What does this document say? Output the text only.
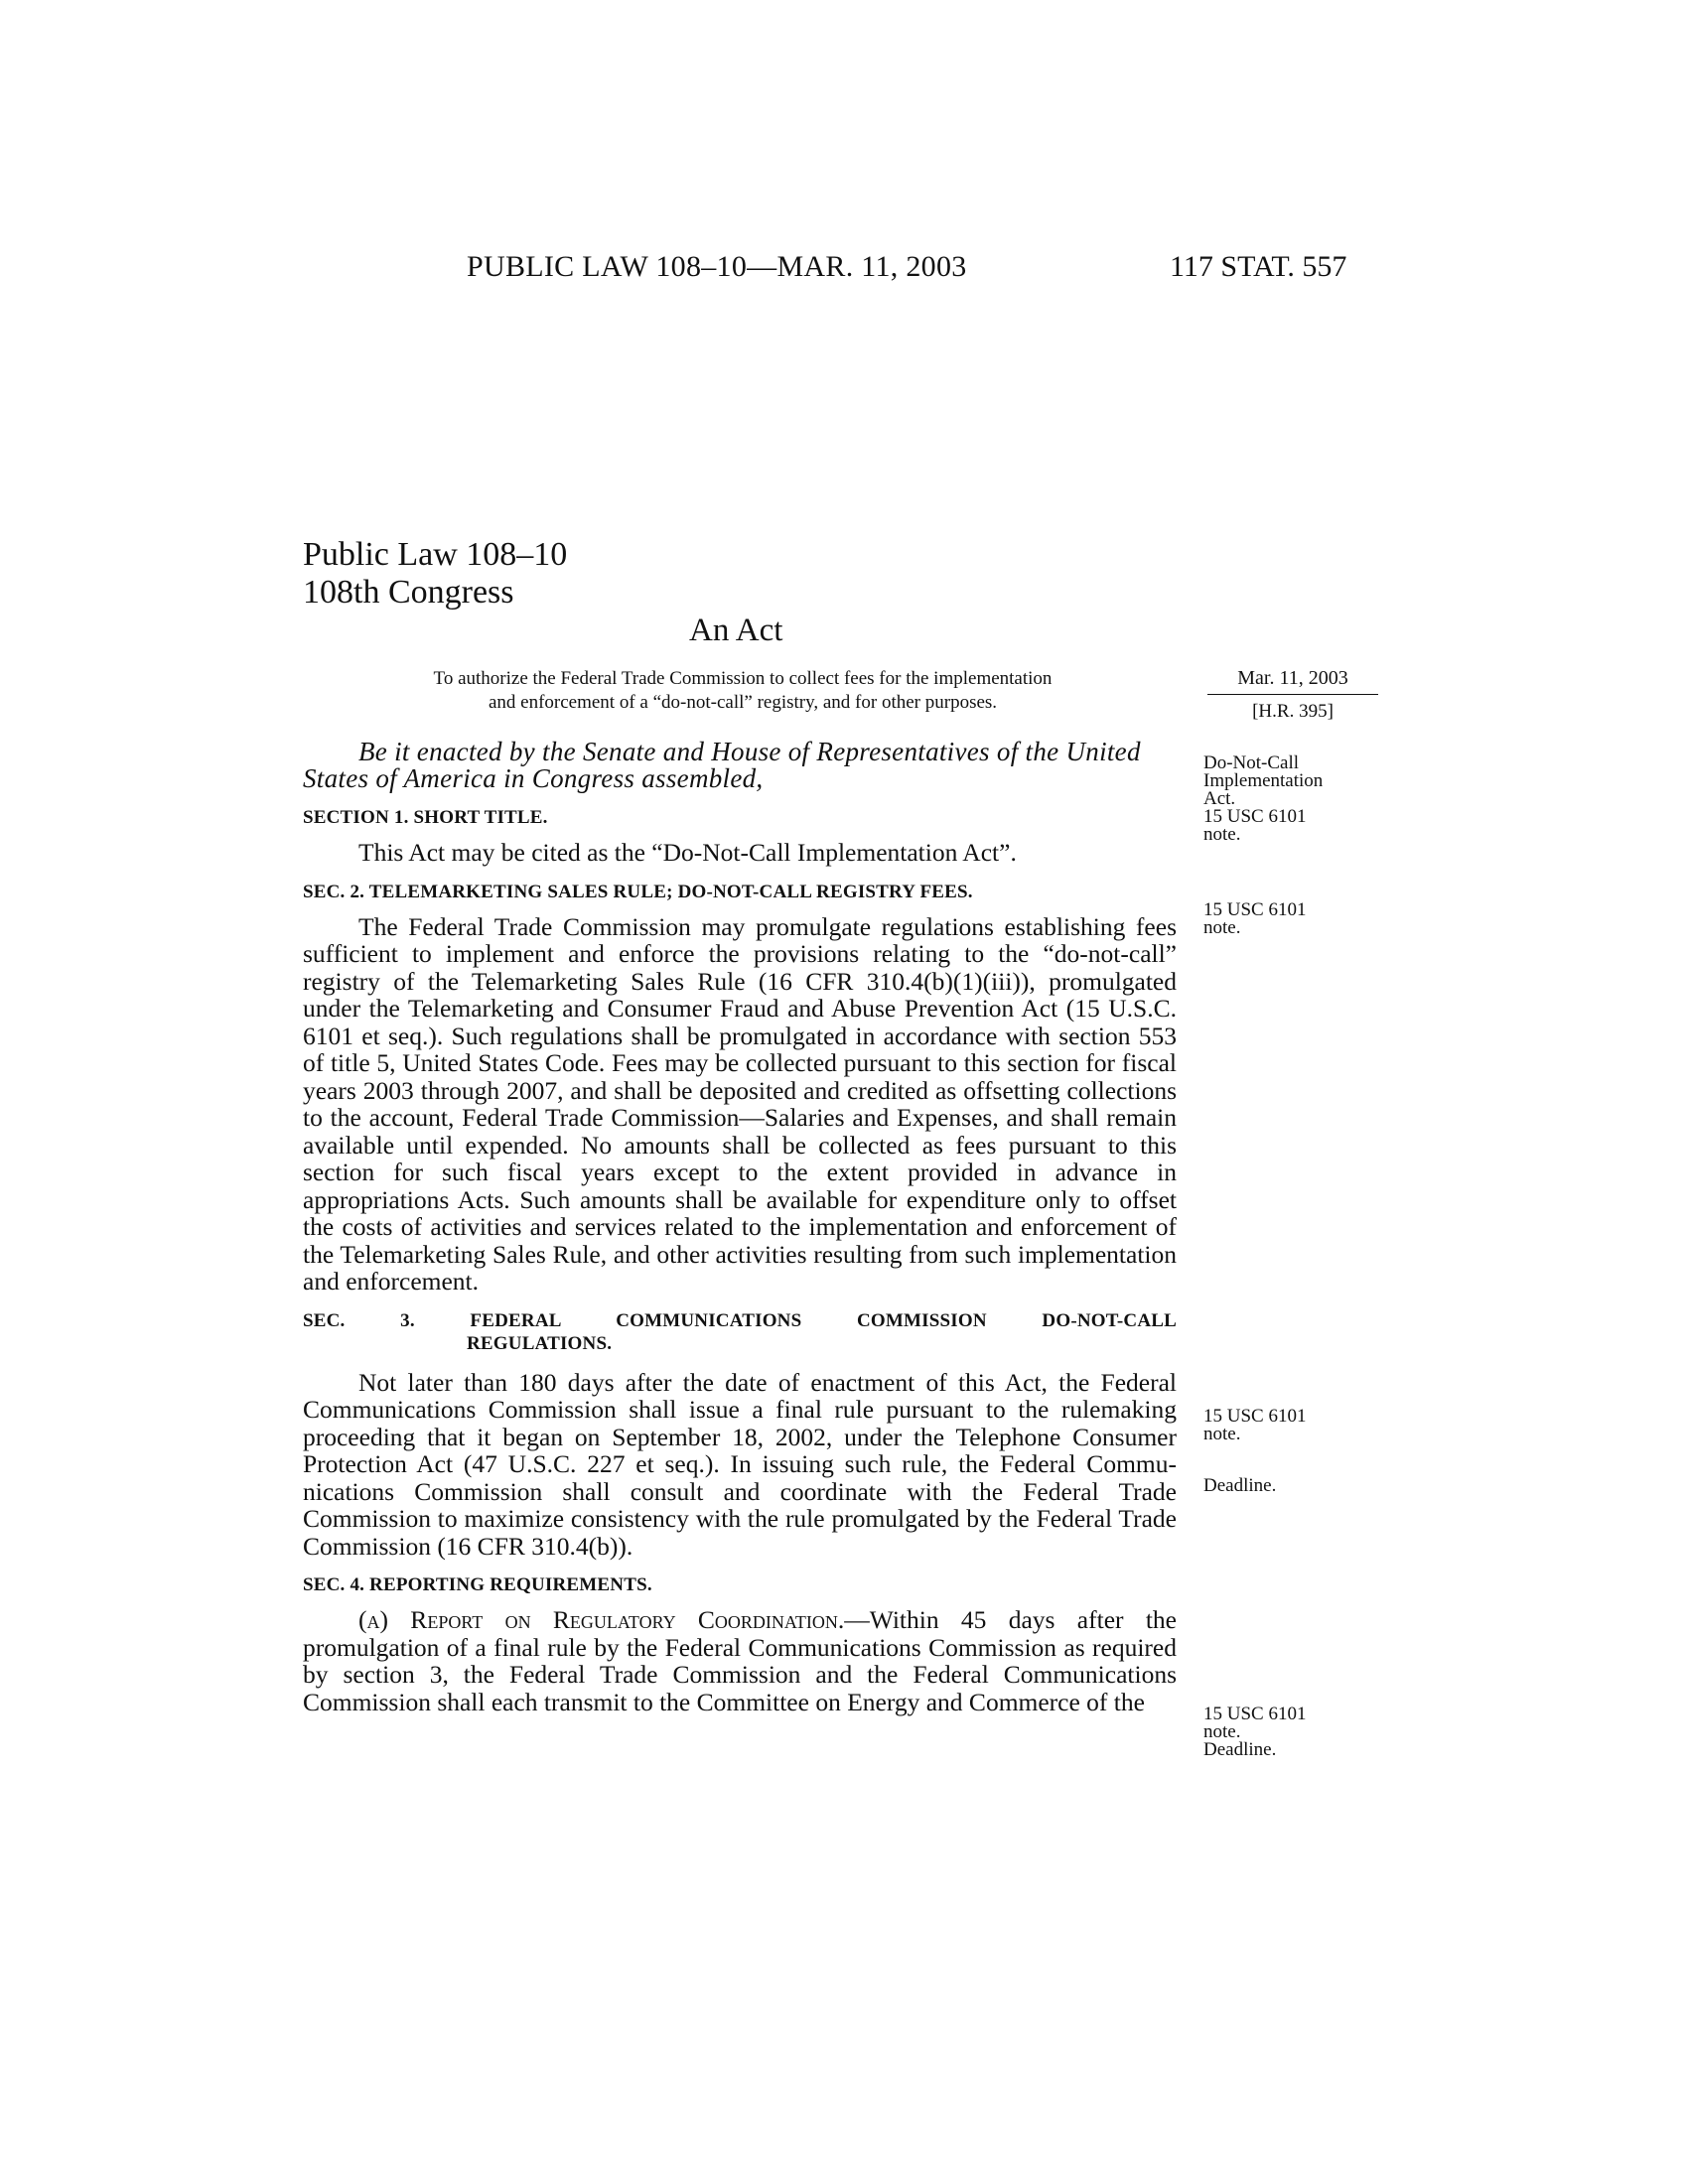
PUBLIC LAW 108–10—MAR. 11, 2003	117 STAT. 557
Public Law 108–10
108th Congress
An Act
To authorize the Federal Trade Commission to collect fees for the implementation
and enforcement of a “do-not-call” registry, and for other purposes.
Mar. 11, 2003
[H.R. 395]

Be it enacted by the Senate and House of Representatives of the United States of America in Congress assembled,

SECTION 1. SHORT TITLE.

This Act may be cited as the “Do-Not-Call Implementation Act”.

SEC. 2. TELEMARKETING SALES RULE; DO-NOT-CALL REGISTRY FEES.

The Federal Trade Commission may promulgate regulations establishing fees sufficient to implement and enforce the provisions relating to the “do-not-call” registry of the Telemarketing Sales Rule (16 CFR 310.4(b)(1)(iii)), promulgated under the Telemarketing and Consumer Fraud and Abuse Prevention Act (15 U.S.C. 6101 et seq.). Such regulations shall be promulgated in accordance with section 553 of title 5, United States Code. Fees may be collected pursuant to this section for fiscal years 2003 through 2007, and shall be deposited and credited as offsetting collections to the account, Federal Trade Commission—Salaries and Expenses, and shall remain available until expended. No amounts shall be collected as fees pursuant to this section for such fiscal years except to the extent provided in advance in appropriations Acts. Such amounts shall be available for expenditure only to offset the costs of activities and services related to the implementation and enforcement of the Telemarketing Sales Rule, and other activities resulting from such implementation and enforcement.

SEC. 3. FEDERAL COMMUNICATIONS COMMISSION DO-NOT-CALL
REGULATIONS.

Not later than 180 days after the date of enactment of this Act, the Federal Communications Commission shall issue a final rule pursuant to the rulemaking proceeding that it began on September 18, 2002, under the Telephone Consumer Protection Act (47 U.S.C. 227 et seq.). In issuing such rule, the Federal Communications Commission shall consult and coordinate with the Federal Trade Commission to maximize consistency with the rule promulgated by the Federal Trade Commission (16 CFR 310.4(b)).

SEC. 4. REPORTING REQUIREMENTS.

(a) Report on Regulatory Coordination.—Within 45 days after the promulgation of a final rule by the Federal Communications Commission as required by section 3, the Federal Trade Commission and the Federal Communications Commission shall each transmit to the Committee on Energy and Commerce of the

Do-Not-Call
Implementation
Act.
15 USC 6101
note.
15 USC 6101
note.
15 USC 6101
note.
Deadline.
15 USC 6101
note.
Deadline.
